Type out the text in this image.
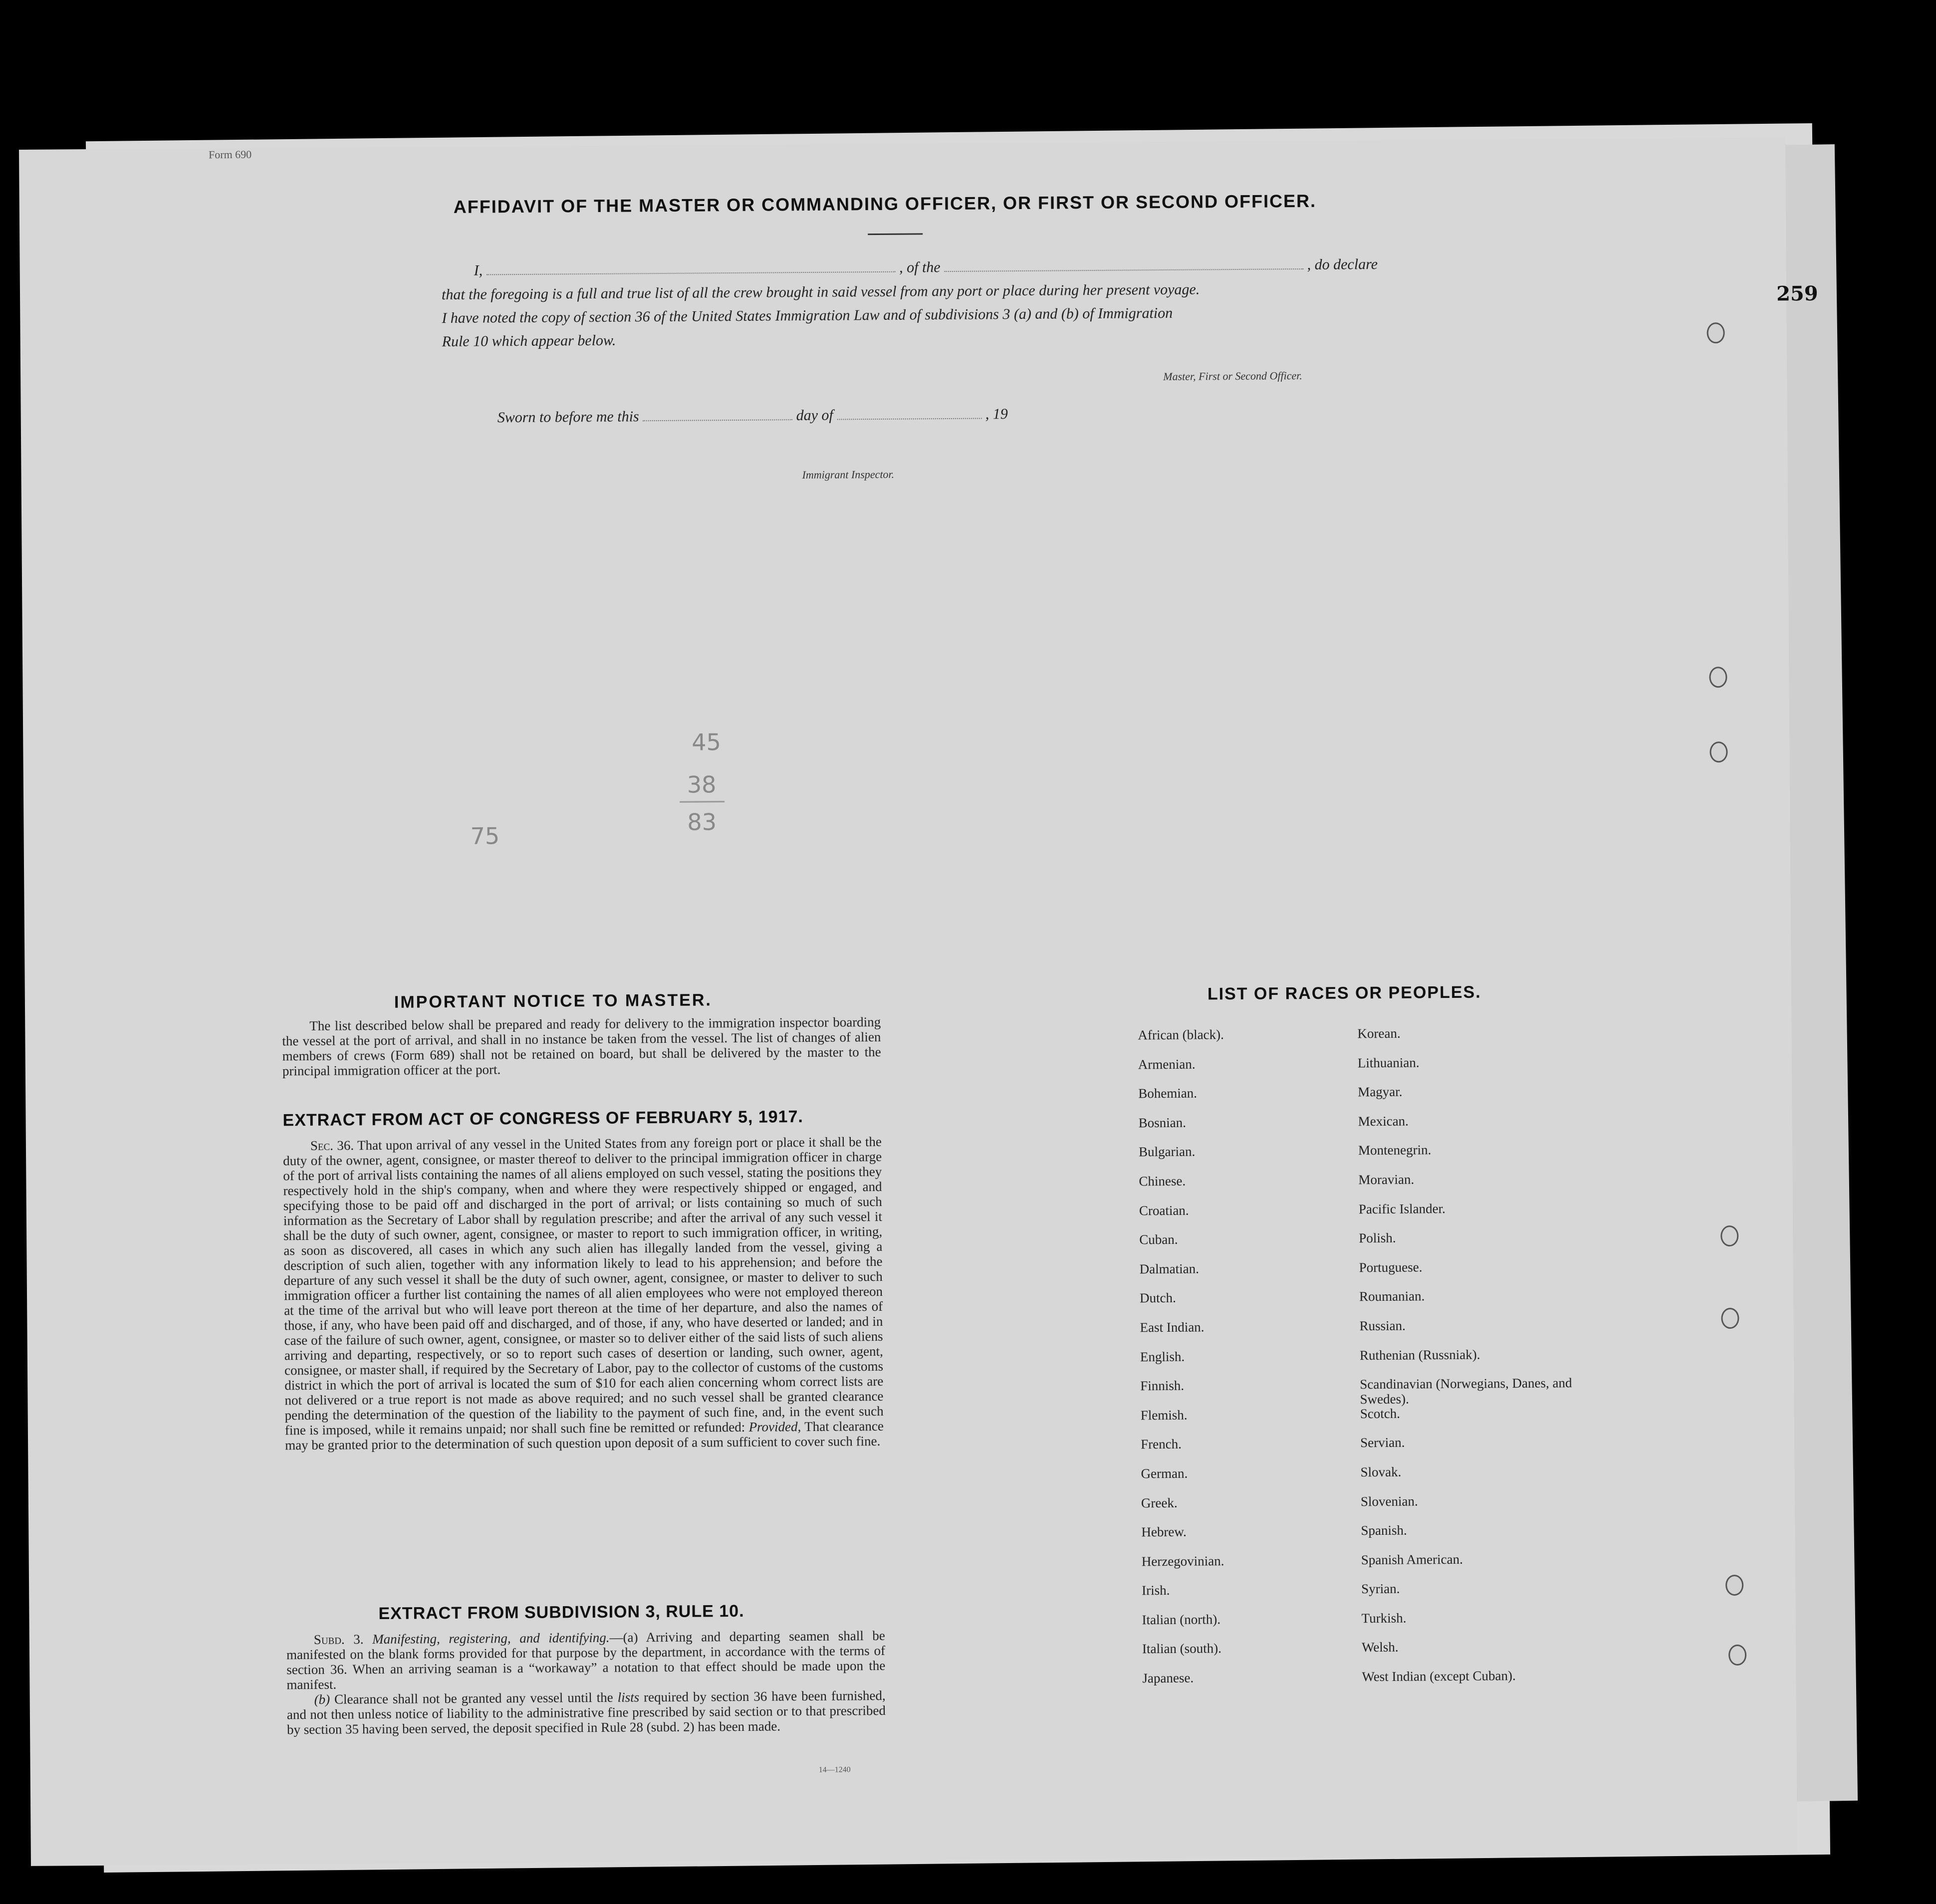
Form 690
259
AFFIDAVIT OF THE MASTER OR COMMANDING OFFICER, OR FIRST OR SECOND OFFICER.
I,	, of the	, do declare
that the foregoing is a full and true list of all the crew brought in said vessel from any port or place during her present voyage.
I have noted the copy of section 36 of the United States Immigration Law and of subdivisions 3 (a) and (b) of Immigration
Rule 10 which appear below.
Master, First or Second Officer.
Sworn to before me this	day of	, 19
Immigrant Inspector.
45
38
83
75
IMPORTANT NOTICE TO MASTER.
The list described below shall be prepared and ready for delivery to the immigration inspector boarding the vessel at the port of arrival, and shall in no instance be taken from the vessel. The list of changes of alien members of crews (Form 689) shall not be retained on board, but shall be delivered by the master to the principal immigration officer at the port.
EXTRACT FROM ACT OF CONGRESS OF FEBRUARY 5, 1917.
Sec. 36. That upon arrival of any vessel in the United States from any foreign port or place it shall be the duty of the owner, agent, consignee, or master thereof to deliver to the principal immigration officer in charge of the port of arrival lists containing the names of all aliens employed on such vessel, stating the positions they respectively hold in the ship's company, when and where they were respectively shipped or engaged, and specifying those to be paid off and discharged in the port of arrival; or lists containing so much of such information as the Secretary of Labor shall by regulation prescribe; and after the arrival of any such vessel it shall be the duty of such owner, agent, consignee, or master to report to such immigration officer, in writing, as soon as discovered, all cases in which any such alien has illegally landed from the vessel, giving a description of such alien, together with any information likely to lead to his apprehension; and before the departure of any such vessel it shall be the duty of such owner, agent, consignee, or master to deliver to such immigration officer a further list containing the names of all alien employees who were not employed thereon at the time of the arrival but who will leave port thereon at the time of her departure, and also the names of those, if any, who have been paid off and discharged, and of those, if any, who have deserted or landed; and in case of the failure of such owner, agent, consignee, or master so to deliver either of the said lists of such aliens arriving and departing, respectively, or so to report such cases of desertion or landing, such owner, agent, consignee, or master shall, if required by the Secretary of Labor, pay to the collector of customs of the customs district in which the port of arrival is located the sum of $10 for each alien concerning whom correct lists are not delivered or a true report is not made as above required; and no such vessel shall be granted clearance pending the determination of the question of the liability to the payment of such fine, and, in the event such fine is imposed, while it remains unpaid; nor shall such fine be remitted or refunded: Provided, That clearance may be granted prior to the determination of such question upon deposit of a sum sufficient to cover such fine.
EXTRACT FROM SUBDIVISION 3, RULE 10.
Subd. 3. Manifesting, registering, and identifying.—(a) Arriving and departing seamen shall be manifested on the blank forms provided for that purpose by the department, in accordance with the terms of section 36. When an arriving seaman is a “workaway” a notation to that effect should be made upon the manifest.
(b) Clearance shall not be granted any vessel until the lists required by section 36 have been furnished, and not then unless notice of liability to the administrative fine prescribed by said section or to that prescribed by section 35 having been served, the deposit specified in Rule 28 (subd. 2) has been made.
14—1240
LIST OF RACES OR PEOPLES.
African (black).
Armenian.
Bohemian.
Bosnian.
Bulgarian.
Chinese.
Croatian.
Cuban.
Dalmatian.
Dutch.
East Indian.
English.
Finnish.
Flemish.
French.
German.
Greek.
Hebrew.
Herzegovinian.
Irish.
Italian (north).
Italian (south).
Japanese.
Korean.
Lithuanian.
Magyar.
Mexican.
Montenegrin.
Moravian.
Pacific Islander.
Polish.
Portuguese.
Roumanian.
Russian.
Ruthenian (Russniak).
Scandinavian (Norwegians, Danes, and Swedes).
Scotch.
Servian.
Slovak.
Slovenian.
Spanish.
Spanish American.
Syrian.
Turkish.
Welsh.
West Indian (except Cuban).
